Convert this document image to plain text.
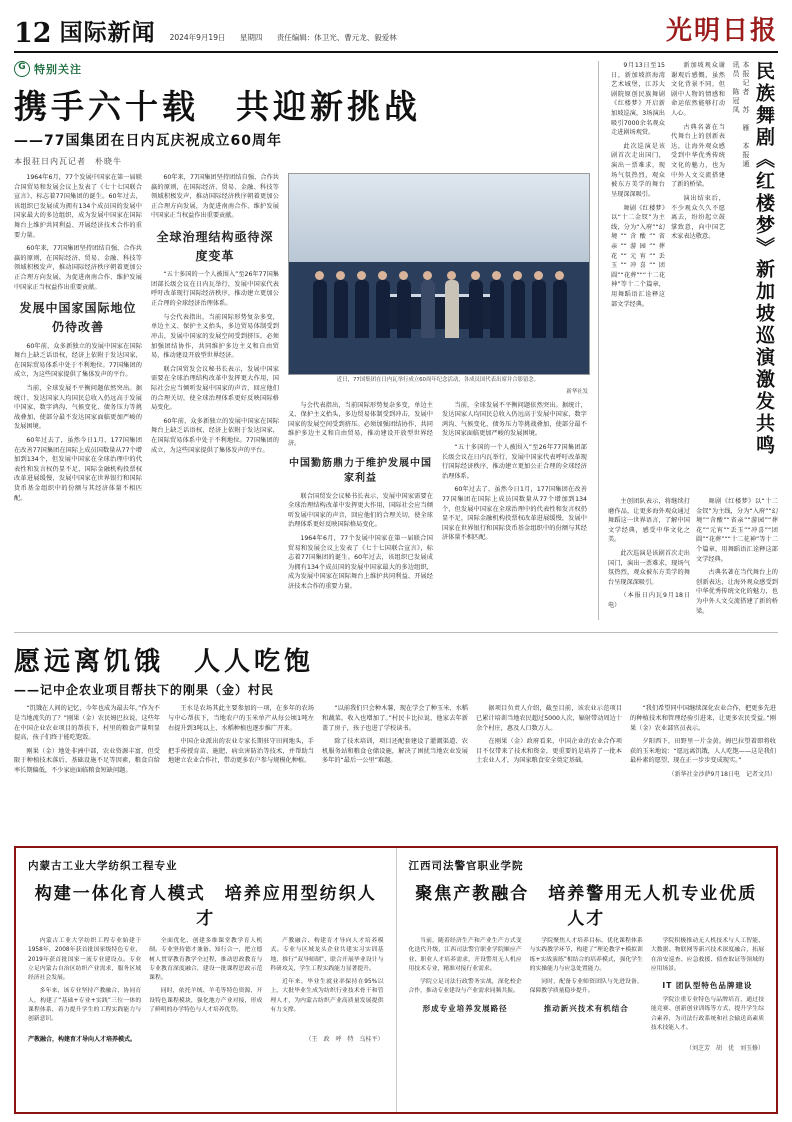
12 国际新闻 2024年9月19日 星期四 责任编辑：体卫光、曹元龙、毅爱林	光明日报
G 特别关注
携手六十载　共迎新挑战
——77国集团在日内瓦庆祝成立60周年
本报驻日内瓦记者　朴晓牛

1964年6月，77个发展中国家在第一届联合国贸易和发展会议上发表了《七十七国联合宣言》，标志着77国集团的诞生。60年过去，该组织已发展成为拥有134个成员国的发展中国家最大的多边组织，成为发展中国家在国际舞台上维护共同利益、开展经济技术合作的重要力量。

60年来，77国集团坚持团结自强、合作共赢的原则，在国际经济、贸易、金融、科技等领域积极发声，推动国际经济秩序朝着更加公正合理方向发展，为促进南南合作、维护发展中国家正当权益作出重要贡献。

发展中国家国际地位仍待改善

60年前，众多新独立的发展中国家在国际舞台上缺乏话语权，经济上依附于发达国家，在国际贸易体系中处于不利地位。77国集团的成立，为这些国家提供了集体发声的平台。

当前，全球发展不平衡问题依然突出。据统计，发达国家人均国民总收入仍远高于发展中国家，数字鸿沟、气候变化、债务压力等挑战叠加，使部分最不发达国家面临更加严峻的发展困境。

60年过去了，虽然今日1月，177国集团在改善77国集团在国际上成员国数量从77个增加到134个，但发展中国家在全球治理中的代表性和发言权仍显不足，国际金融机构投票权改革进展缓慢，发展中国家在世界银行和国际货币基金组织中的份额与其经济体量不相匹配。

60年来，77国集团坚持团结自强、合作共赢的原则，在国际经济、贸易、金融、科技等领域积极发声，推动国际经济秩序朝着更加公正合理方向发展，为促进南南合作、维护发展中国家正当权益作出重要贡献。

全球治理结构亟待深度变革

“五十多国的一个人被围入”至26年77国集团部长级会议在日内瓦举行，发展中国家代表呼吁改革现行国际经济秩序，推动建立更加公正合理的全球经济治理体系。

与会代表指出，当前国际形势复杂多变，单边主义、保护主义抬头，多边贸易体制受到冲击，发展中国家的发展空间受到挤压。必须加强团结协作，共同维护多边主义和自由贸易，推动建设开放型世界经济。

联合国贸发会议秘书长表示，发展中国家需要在全球治理结构改革中发挥更大作用，国际社会应当倾听发展中国家的声音，回应他们的合理关切，使全球治理体系更好反映国际格局变化。

60年前，众多新独立的发展中国家在国际舞台上缺乏话语权，经济上依附于发达国家，在国际贸易体系中处于不利地位。77国集团的成立，为这些国家提供了集体发声的平台。

近日，77国集团在日内瓦举行成立60周年纪念活动，各成员国代表出席并合影留念。
新华社发

与会代表指出，当前国际形势复杂多变，单边主义、保护主义抬头，多边贸易体制受到冲击，发展中国家的发展空间受到挤压。必须加强团结协作，共同维护多边主义和自由贸易，推动建设开放型世界经济。

中国勠筋鼎力于维护发展中国家利益

联合国贸发会议秘书长表示，发展中国家需要在全球治理结构改革中发挥更大作用，国际社会应当倾听发展中国家的声音，回应他们的合理关切，使全球治理体系更好反映国际格局变化。

1964年6月，77个发展中国家在第一届联合国贸易和发展会议上发表了《七十七国联合宣言》，标志着77国集团的诞生。60年过去，该组织已发展成为拥有134个成员国的发展中国家最大的多边组织，成为发展中国家在国际舞台上维护共同利益、开展经济技术合作的重要力量。

当前，全球发展不平衡问题依然突出。据统计，发达国家人均国民总收入仍远高于发展中国家，数字鸿沟、气候变化、债务压力等挑战叠加，使部分最不发达国家面临更加严峻的发展困境。

“五十多国的一个人被围入”至26年77国集团部长级会议在日内瓦举行，发展中国家代表呼吁改革现行国际经济秩序，推动建立更加公正合理的全球经济治理体系。

60年过去了，虽然今日1月，177国集团在改善77国集团在国际上成员国数量从77个增加到134个，但发展中国家在全球治理中的代表性和发言权仍显不足，国际金融机构投票权改革进展缓慢，发展中国家在世界银行和国际货币基金组织中的份额与其经济体量不相匹配。

9月13日至15日，新加坡滨海湾艺术城堡，江苏大剧院原创民族舞剧《红楼梦》开启新加坡巡演，3场演出吸引7000余名观众走进剧场观赏。

此次巡演是该剧首次走出国门，演出一票难求，现场气氛热烈，观众被东方美学的舞台呈现深深吸引。

舞剧《红楼梦》以“十二金钗”为主线，分为“入府”“幻境”“含酸”“省亲”“游园”“葬花”“元宵”“丢玉”“冲喜”“团圆”“花葬”““十二花神”等十二个篇章，用舞蹈语汇诠释这部文学经典。

新加坡观众谢谢观后感慨，虽然文化背景不同，但剧中人物的情感和命运依然能够打动人心。

古典名著在当代舞台上的创新表达，让海外观众感受到中华优秀传统文化的魅力，也为中外人文交流搭建了新的桥梁。

演出结束后，不少观众久久不愿离去，纷纷起立鼓掌致意，向中国艺术家表达敬意。

本报记者　苏　雁　本报通讯员　陈冠凤 民族舞剧《红楼梦》新加坡巡演激发共鸣

主创团队表示，将继续打磨作品，让更多海外观众通过舞蹈这一世界语言，了解中国文学经典，感受中华文化之美。

此次巡演是该剧首次走出国门，演出一票难求，现场气氛热烈，观众被东方美学的舞台呈现深深吸引。

（本报日内瓦9月18日电）

舞剧《红楼梦》以“十二金钗”为主线，分为“入府”“幻境”“含酸”“省亲”“游园”“葬花”“元宵”“丢玉”“冲喜”“团圆”“花葬”““十二花神”等十二个篇章，用舞蹈语汇诠释这部文学经典。

古典名著在当代舞台上的创新表达，让海外观众感受到中华优秀传统文化的魅力，也为中外人文交流搭建了新的桥梁。

愿远离饥饿　人人吃饱
——记中企农业项目帮扶下的刚果（金）村民

“饥饿在人间的记忆，今年也成为最去年。”作为不是当地流失的了？”刚果（金）农民姆巴拉说，这些年在中国企业农业项目的帮扶下，村里的粮食产量明显提高，孩子们终于能吃饱饭。

刚果（金）地处非洲中部，农业资源丰富，但受限于种植技术落后、基础设施不足等因素，粮食自给率长期偏低，不少家庭面临粮食短缺问题。

王水是农场其此主要参加的一项，在多年的农场与中心帮扶下，当地农户的玉米单产从每公顷1吨左右提升到3吨以上，水稻种植也逐步推广开来。

中国企业派出的农业专家长期驻守田间地头，手把手传授育苗、施肥、病虫害防治等技术，并帮助当地建立农业合作社，带动更多农户参与规模化种植。

“以前我们只会种木薯，现在学会了种玉米、水稻和蔬菜，收入也增加了。”村民卡比拉说，他家去年新盖了房子，孩子也进了学校读书。

除了技术培训，项目还配套建设了灌溉渠道、农机服务站和粮食仓储设施，解决了困扰当地农业发展多年的“最后一公里”难题。

据项目负责人介绍，截至目前，该农业示范项目已累计培训当地农民超过5000人次，辐射带动周边十余个村庄，惠及人口数万人。

在刚果（金）政府看来，中国企业的农业合作项目不仅带来了技术和资金，更重要的是培养了一批本土农业人才，为国家粮食安全奠定基础。

“我们希望同中国继续深化农业合作，把更多先进的种植技术和管理经验引进来，让更多农民受益。”刚果（金）农业部官员表示。

夕阳西下，田野里一片金黄。姆巴拉望着即将收获的玉米地说：“愿远离饥饿，人人吃饱——这是我们最朴素的愿望，现在正一步步变成现实。”

（新华社金沙萨9月18日电　记者文昌）
内蒙古工业大学纺织工程专业
构建一体化育人模式　培养应用型纺织人才

内蒙古工业大学纺织工程专业始建于1958年，2008年获首批国家级特色专业，2019年获首批国家一流专业建设点。专业立足内蒙古自治区纺织产业需求，服务区域经济社会发展。

多年来，该专业坚持产教融合、协同育人，构建了“基础+专业+实践”三位一体的课程体系，着力提升学生的工程实践能力与创新意识。

全面优化、创建多维课堂教学育人机制。专业坚持德才兼备、知行合一，把立德树人贯穿教育教学全过程，推动思政教育与专业教育深度融合，建设一批课程思政示范课程。

同时，依托羊绒、羊毛等特色资源，开设特色课程模块，强化地方产业对接，形成了鲜明的办学特色与人才培养优势。

产教融合、构建育才导向人才培养模式。专业与区域龙头企业共建实习实训基地，推行“双导师制”，联合开展毕业设计与科研攻关，学生工程实践能力显著提升。

近年来，毕业生就业率保持在95%以上，大批毕业生成为纺织行业技术骨干和管理人才，为内蒙古纺织产业高质量发展提供有力支撑。

产教融合，构建育才导向人才培养模式。	（王　政　呼　特　乌桂平）
江西司法警官职业学院
聚焦产教融合　培养警用无人机专业优质人才

当前，随着经济生产和产业生产方式变化迭代升级，江西司法警官职业学院顺应产业、职业人才培养需求，开设警用无人机应用技术专业，精准对接行业需求。

学院立足司法行政警务实战，深化校企合作，推动专业建设与产业需求同频共振。

形成专业培养发展路径

学院聚焦人才培养目标，优化课程体系与实践教学环节，构建了“理论教学+模拟训练+实战演练”相结合的培养模式，强化学生的实操能力与应急处置能力。

同时，配备专业师资团队与先进设备，保障教学质量稳步提升。

推动新兴技术有机结合

学院积极推动无人机技术与人工智能、大数据、物联网等新兴技术深度融合，拓展在治安巡查、应急救援、侦查取证等领域的应用场景。

IT 团队型特色品牌建设

学院注重专业特色与品牌培育，通过技能竞赛、创新创业训练等方式，提升学生综合素养，为司法行政系统和社会输送高素质技术技能人才。

（刘芝芳　胡　优　刘玉修）
